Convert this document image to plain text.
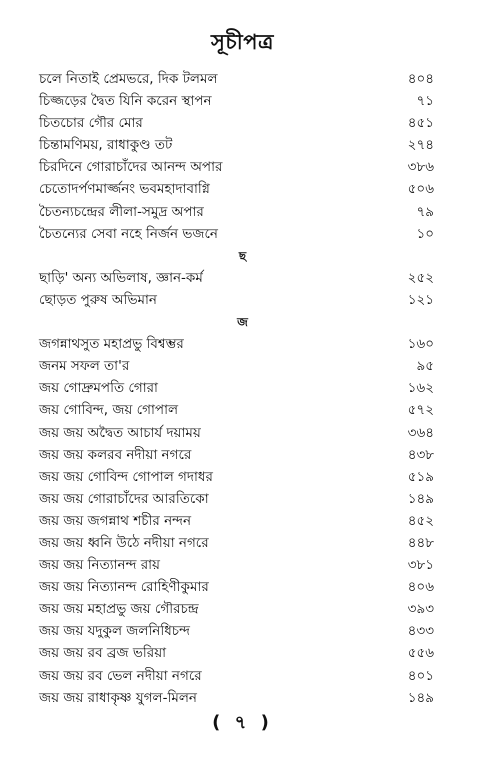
সূচীপত্র
চলে নিতাই প্রেমভরে, দিক টলমল	৪০৪
চিজ্জড়ের দ্বৈত যিনি করেন স্থাপন	৭১
চিতচোর গৌর মোর	৪৫১
চিন্তামণিময়, রাধাকুণ্ড তট	২৭৪
চিরদিনে গোরাচাঁদের আনন্দ অপার	৩৮৬
চেতোদর্পণমার্জ্জনং ভবমহাদাবাগ্নি	৫০৬
চৈতন্যচন্দ্রের লীলা-সমুদ্র অপার	৭৯
চৈতন্যের সেবা নহে নির্জন ভজনে	১০
ছ
ছাড়ি' অন্য অভিলাষ, জ্ঞান-কর্ম	২৫২
ছোড়ত পুরুষ অভিমান	১২১
জ
জগন্নাথসুত মহাপ্রভু বিশ্বম্ভর	১৬০
জনম সফল তা'র	৯৫
জয় গোদ্রুমপতি গোরা	১৬২
জয় গোবিন্দ, জয় গোপাল	৫৭২
জয় জয় অদ্বৈত আচার্য দয়াময়	৩৬৪
জয় জয় কলরব নদীয়া নগরে	৪৩৮
জয় জয় গোবিন্দ গোপাল গদাধর	৫১৯
জয় জয় গোরাচাঁদের আরতিকো	১৪৯
জয় জয় জগন্নাথ শচীর নন্দন	৪৫২
জয় জয় ধ্বনি উঠে নদীয়া নগরে	৪৪৮
জয় জয় নিত্যানন্দ রায়	৩৮১
জয় জয় নিত্যানন্দ রোহিণীকুমার	৪০৬
জয় জয় মহাপ্রভু জয় গৌরচন্দ্র	৩৯৩
জয় জয় যদুকুল জলনিধিচন্দ	৪৩৩
জয় জয় রব ব্রজ ভরিয়া	৫৫৬
জয় জয় রব ভেল নদীয়া নগরে	৪০১
জয় জয় রাধাকৃষ্ণ যুগল-মিলন	১৪৯
( ৭ )
